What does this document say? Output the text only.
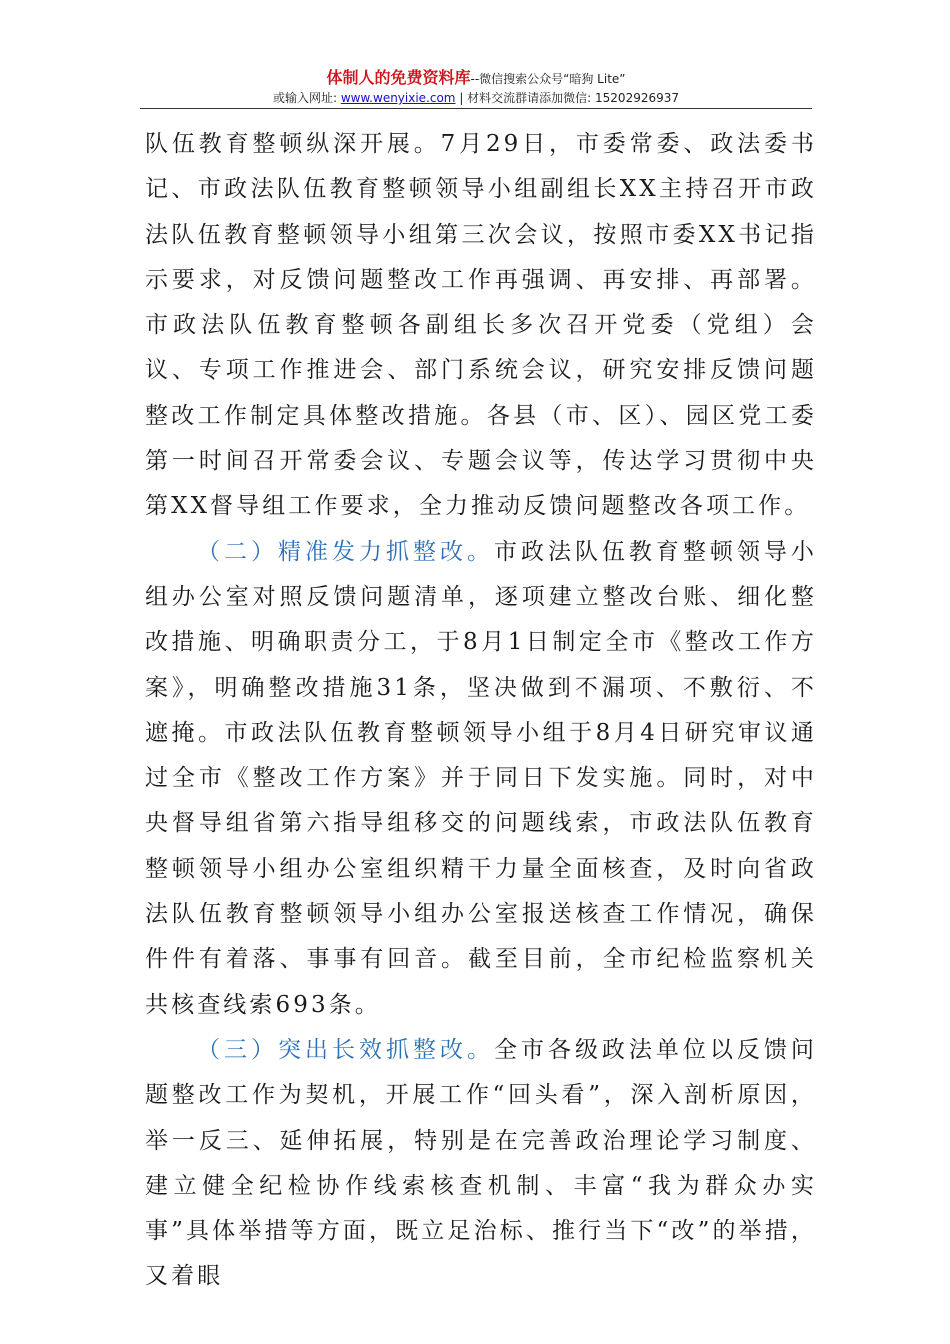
体制人的免费资料库--微信搜索公众号“暗狗 Lite”
或输入网址: www.wenyixie.com | 材料交流群请添加微信: 15202926937

队伍教育整顿纵深开展。7月29日，市委常委、政法委书记、市政法队伍教育整顿领导小组副组长XX主持召开市政法队伍教育整顿领导小组第三次会议，按照市委XX书记指示要求，对反馈问题整改工作再强调、再安排、再部署。市政法队伍教育整顿各副组长多次召开党委（党组）会议、专项工作推进会、部门系统会议，研究安排反馈问题整改工作制定具体整改措施。各县（市、区）、园区党工委第一时间召开常委会议、专题会议等，传达学习贯彻中央第XX督导组工作要求，全力推动反馈问题整改各项工作。

（二）精准发力抓整改。市政法队伍教育整顿领导小组办公室对照反馈问题清单，逐项建立整改台账、细化整改措施、明确职责分工，于8月1日制定全市《整改工作方案》，明确整改措施31条，坚决做到不漏项、不敷衍、不遮掩。市政法队伍教育整顿领导小组于8月4日研究审议通过全市《整改工作方案》并于同日下发实施。同时，对中央督导组省第六指导组移交的问题线索，市政法队伍教育整顿领导小组办公室组织精干力量全面核查，及时向省政法队伍教育整顿领导小组办公室报送核查工作情况，确保件件有着落、事事有回音。截至目前，全市纪检监察机关共核查线索693条。

（三）突出长效抓整改。全市各级政法单位以反馈问题整改工作为契机，开展工作“回头看”，深入剖析原因，举一反三、延伸拓展，特别是在完善政治理论学习制度、建立健全纪检协作线索核查机制、丰富“我为群众办实事”具体举措等方面，既立足治标、推行当下“改”的举措，又着眼
